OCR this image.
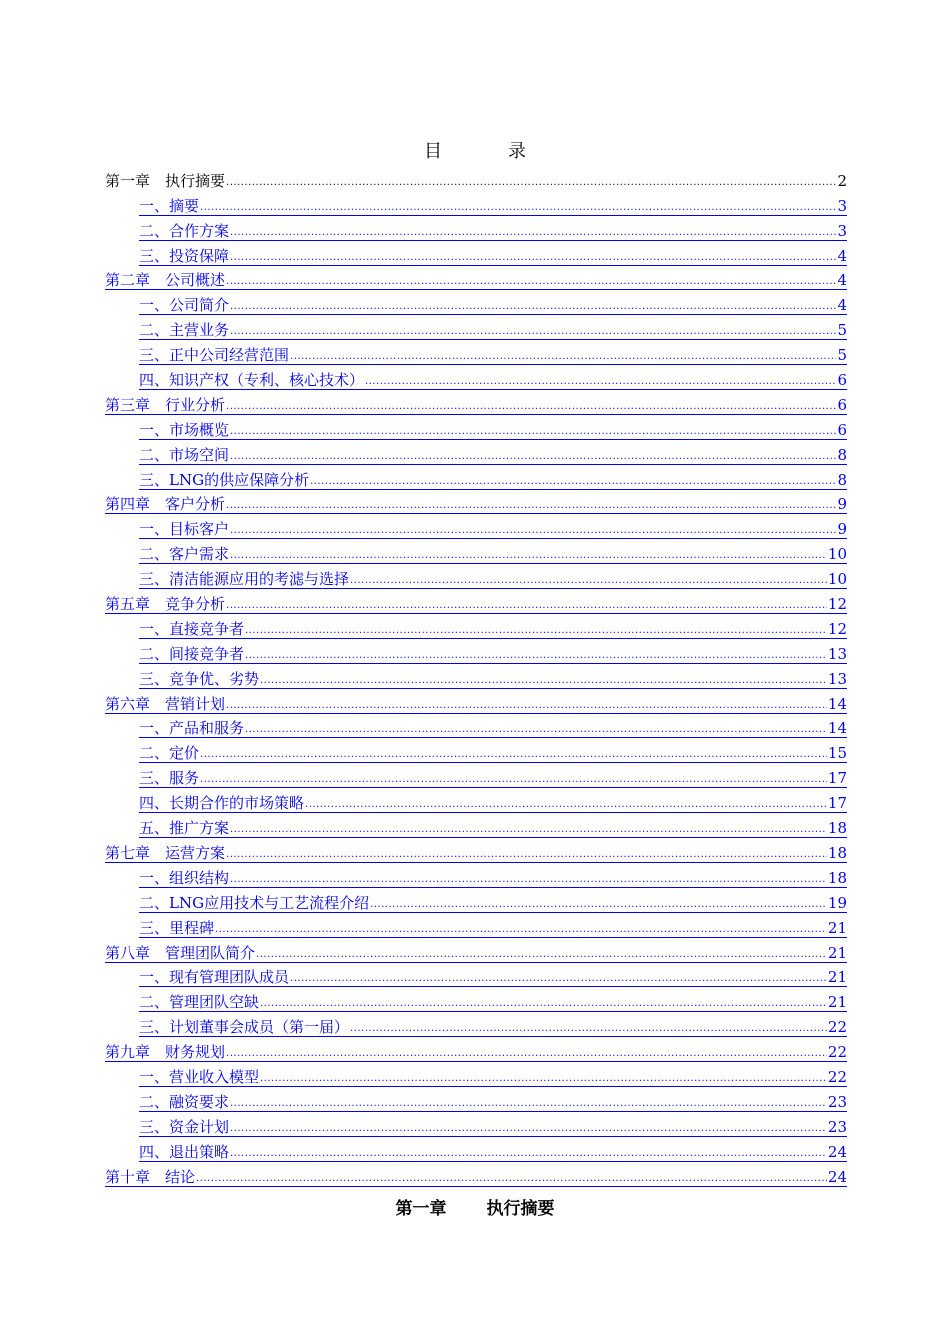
目　录
第一章　执行摘要 .....	2
一、摘要 .....	3
二、合作方案 .....	3
三、投资保障 .....	4
第二章　公司概述 .....	4
一、公司简介 .....	4
二、主营业务 .....	5
三、正中公司经营范围 .....	5
四、知识产权（专利、核心技术） .....	6
第三章　行业分析 .....	6
一、市场概览 .....	6
二、市场空间 .....	8
三、LNG的供应保障分析 .....	8
第四章　客户分析 .....	9
一、目标客户 .....	9
二、客户需求 .....	10
三、清洁能源应用的考滤与选择 .....	10
第五章　竞争分析 .....	12
一、直接竞争者 .....	12
二、间接竞争者 .....	13
三、竞争优、劣势 .....	13
第六章　营销计划 .....	14
一、产品和服务 .....	14
二、定价 .....	15
三、服务 .....	17
四、长期合作的市场策略 .....	17
五、推广方案 .....	18
第七章　运营方案 .....	18
一、组织结构 .....	18
二、LNG应用技术与工艺流程介绍 .....	19
三、里程碑 .....	21
第八章　管理团队简介 .....	21
一、现有管理团队成员 .....	21
二、管理团队空缺 .....	21
三、计划董事会成员（第一届） .....	22
第九章　财务规划 .....	22
一、营业收入模型 .....	22
二、融资要求 .....	23
三、资金计划 .....	23
四、退出策略 .....	24
第十章　结论 .....	24
第一章 执行摘要
